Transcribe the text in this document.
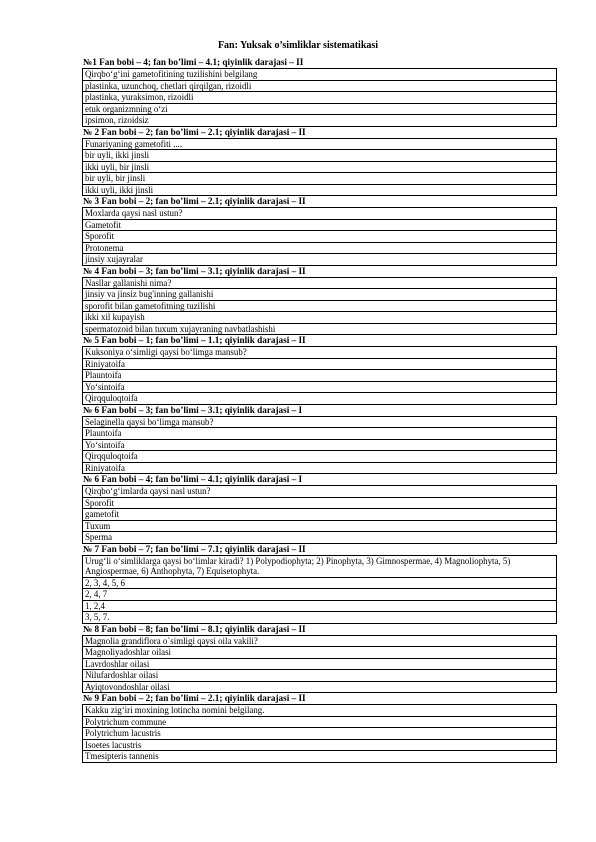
Fan: Yuksak o’simliklar sistematikasi
№1 Fan bobi – 4; fan bo’limi – 4.1; qiyinlik darajasi – II
Qirqbo‘g‘ini gametofitining tuzilishini belgilang
plastinka, uzunchoq, chetlari qirqilgan, rizoidli
plastinka, yuraksimon, rizoidli
etuk organizmning o‘zi
ipsimon, rizoidsiz
№ 2 Fan bobi – 2; fan bo’limi – 2.1; qiyinlik darajasi – II
Funariyaning gametofiti ....
bir uyli, ikki jinsli
ikki uyli, bir jinsli
bir uyli, bir jinsli
ikki uyli, ikki jinsli
№ 3 Fan bobi – 2; fan bo’limi – 2.1; qiyinlik darajasi – II
Moxlarda qaysi nasl ustun?
Gametofit
Sporofit
Protonema
jinsiy xujayralar
№ 4 Fan bobi – 3; fan bo’limi – 3.1; qiyinlik darajasi – II
Nasllar gallanishi nima?
jinsiy va jinsiz bug'inning gallanishi
sporofit bilan gametofitning tuzilishi
ikki xil kupayish
spermatozoid bilan tuxum xujayraning navbatlashishi
№ 5 Fan bobi – 1; fan bo’limi – 1.1; qiyinlik darajasi – II
Kuksoniya o‘simligi qaysi bo‘limga mansub?
Riniyatoifa
Plauntoifa
Yo‘sintoifa
Qirqquloqtoifa
№ 6 Fan bobi – 3; fan bo’limi – 3.1; qiyinlik darajasi – I
Selaginella qaysi bo‘limga mansub?
Plauntoifa
Yo‘sintoifa
Qirqquloqtoifa
Riniyatoifa
№ 6 Fan bobi – 4; fan bo’limi – 4.1; qiyinlik darajasi – I
Qirqbo‘g‘imlarda qaysi nasl ustun?
Sporofit
gametofit
Tuxum
Sperma
№ 7 Fan bobi – 7; fan bo’limi – 7.1; qiyinlik darajasi – II
Urug‘li o‘simliklarga qaysi bo‘limlar kiradi? 1) Polypodiophyta; 2) Pinophyta, 3) Gimnospermae, 4) Magnoliophyta, 5) Angiospermae, 6) Anthophyta, 7) Equisetophyta.
2, 3, 4, 5, 6
2, 4, 7
1, 2,4
3, 5, 7.
№ 8 Fan bobi – 8; fan bo’limi – 8.1; qiyinlik darajasi – II
Magnolia grandiflora o`simligi qaysi oila vakili?
Magnoliyadoshlar oilasi
Lavrdoshlar oilasi
Nilufardoshlar oilasi
Ayiqtovondoshlar oilasi
№ 9 Fan bobi – 2; fan bo’limi – 2.1; qiyinlik darajasi – II
Kakku zig‘iri moxining lotincha nomini belgilang.
Polytrichum commune
Polytrichum lacustris
Isoetes lacustris
Tmesipteris tannenis
